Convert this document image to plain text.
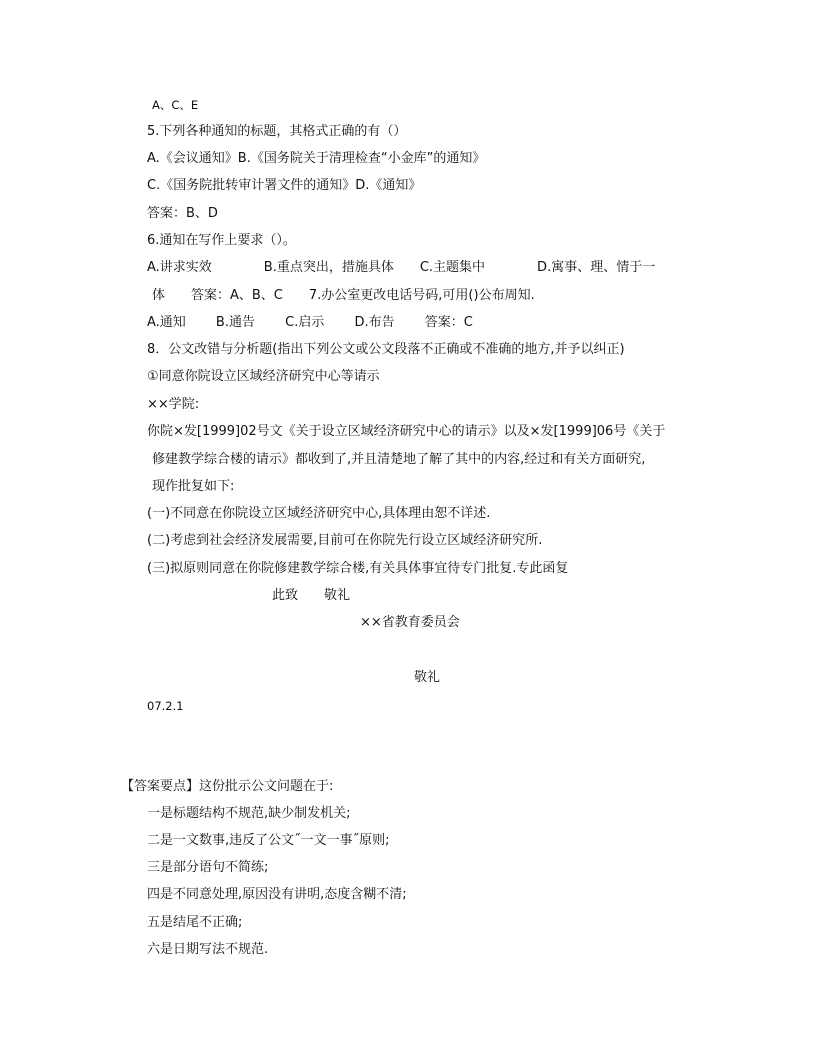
A、C、E
5.下列各种通知的标题，其格式正确的有（）
A.《会议通知》B.《国务院关于清理检查“小金库”的通知》
C.《国务院批转审计署文件的通知》D.《通知》
答案：B、D
6.通知在写作上要求（）。
A.讲求实效　　　　B.重点突出，措施具体　　C.主题集中　　　　D.寓事、理、情于一
体　　答案：A、B、C　　7.办公室更改电话号码,可用()公布周知.
A.通知　　 B.通告　　 C.启示　　 D.布告　　 答案：C
8．公文改错与分析题(指出下列公文或公文段落不正确或不准确的地方,并予以纠正)
①同意你院设立区域经济研究中心等请示
××学院:
你院×发[1999]02号文《关于设立区域经济研究中心的请示》以及×发[1999]06号《关于
修建教学综合楼的请示》都收到了,并且清楚地了解了其中的内容,经过和有关方面研究,
现作批复如下:
(一)不同意在你院设立区域经济研究中心,具体理由恕不详述.
(二)考虑到社会经济发展需要,目前可在你院先行设立区域经济研究所.
(三)拟原则同意在你院修建教学综合楼,有关具体事宜待专门批复.专此函复
此致　　敬礼
××省教育委员会
敬礼
07.2.1
【答案要点】这份批示公文问题在于:
一是标题结构不规范,缺少制发机关;
二是一文数事,违反了公文˝一文一事˝原则;
三是部分语句不简练;
四是不同意处理,原因没有讲明,态度含糊不清;
五是结尾不正确;
六是日期写法不规范.
